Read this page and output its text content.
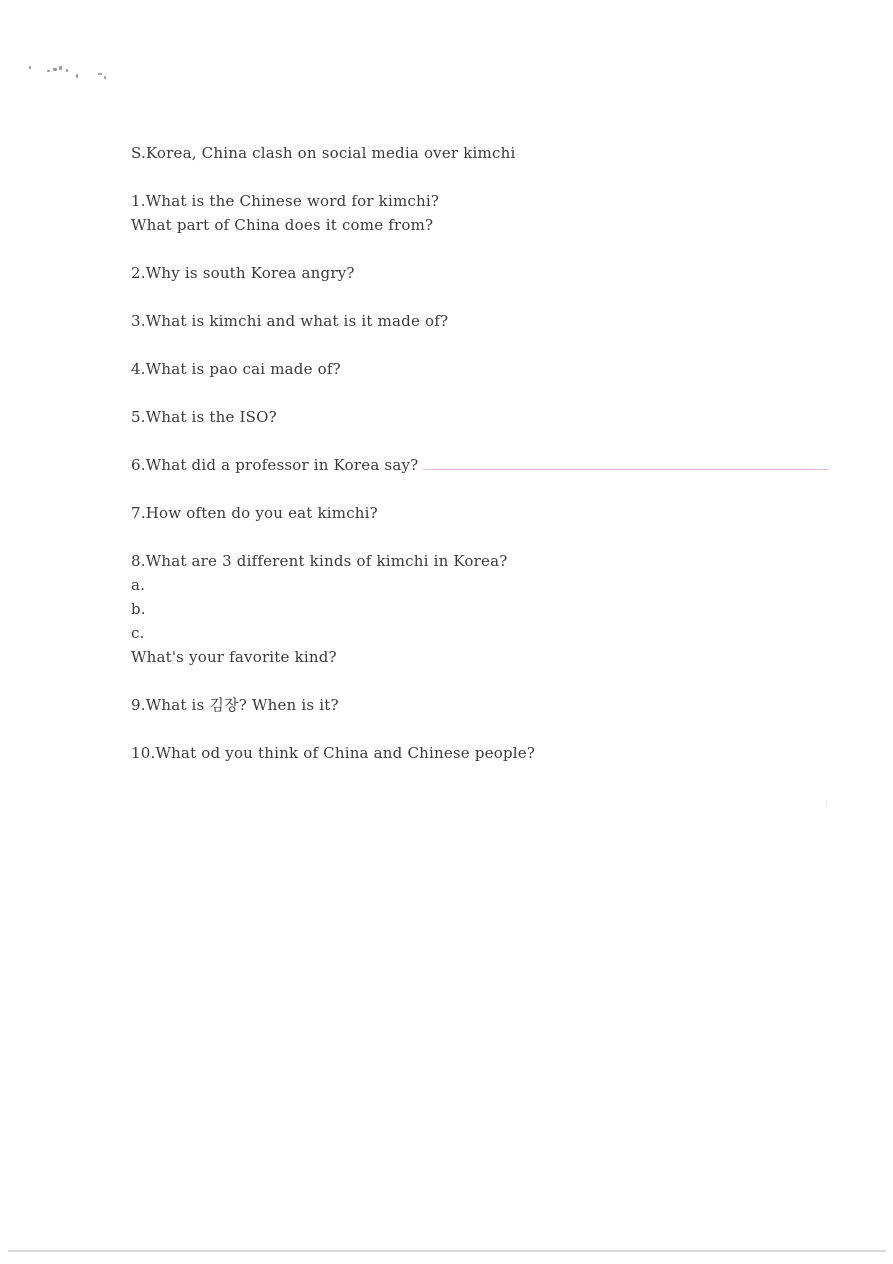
S.Korea, China clash on social media over kimchi
1.What is the Chinese word for kimchi?
What part of China does it come from?
2.Why is south Korea angry?
3.What is kimchi and what is it made of?
4.What is pao cai made of?
5.What is the ISO?
6.What did a professor in Korea say?
7.How often do you eat kimchi?
8.What are 3 different kinds of kimchi in Korea?
a.
b.
c.
What's your favorite kind?
9.What is 김장? When is it?
10.What od you think of China and Chinese people?
